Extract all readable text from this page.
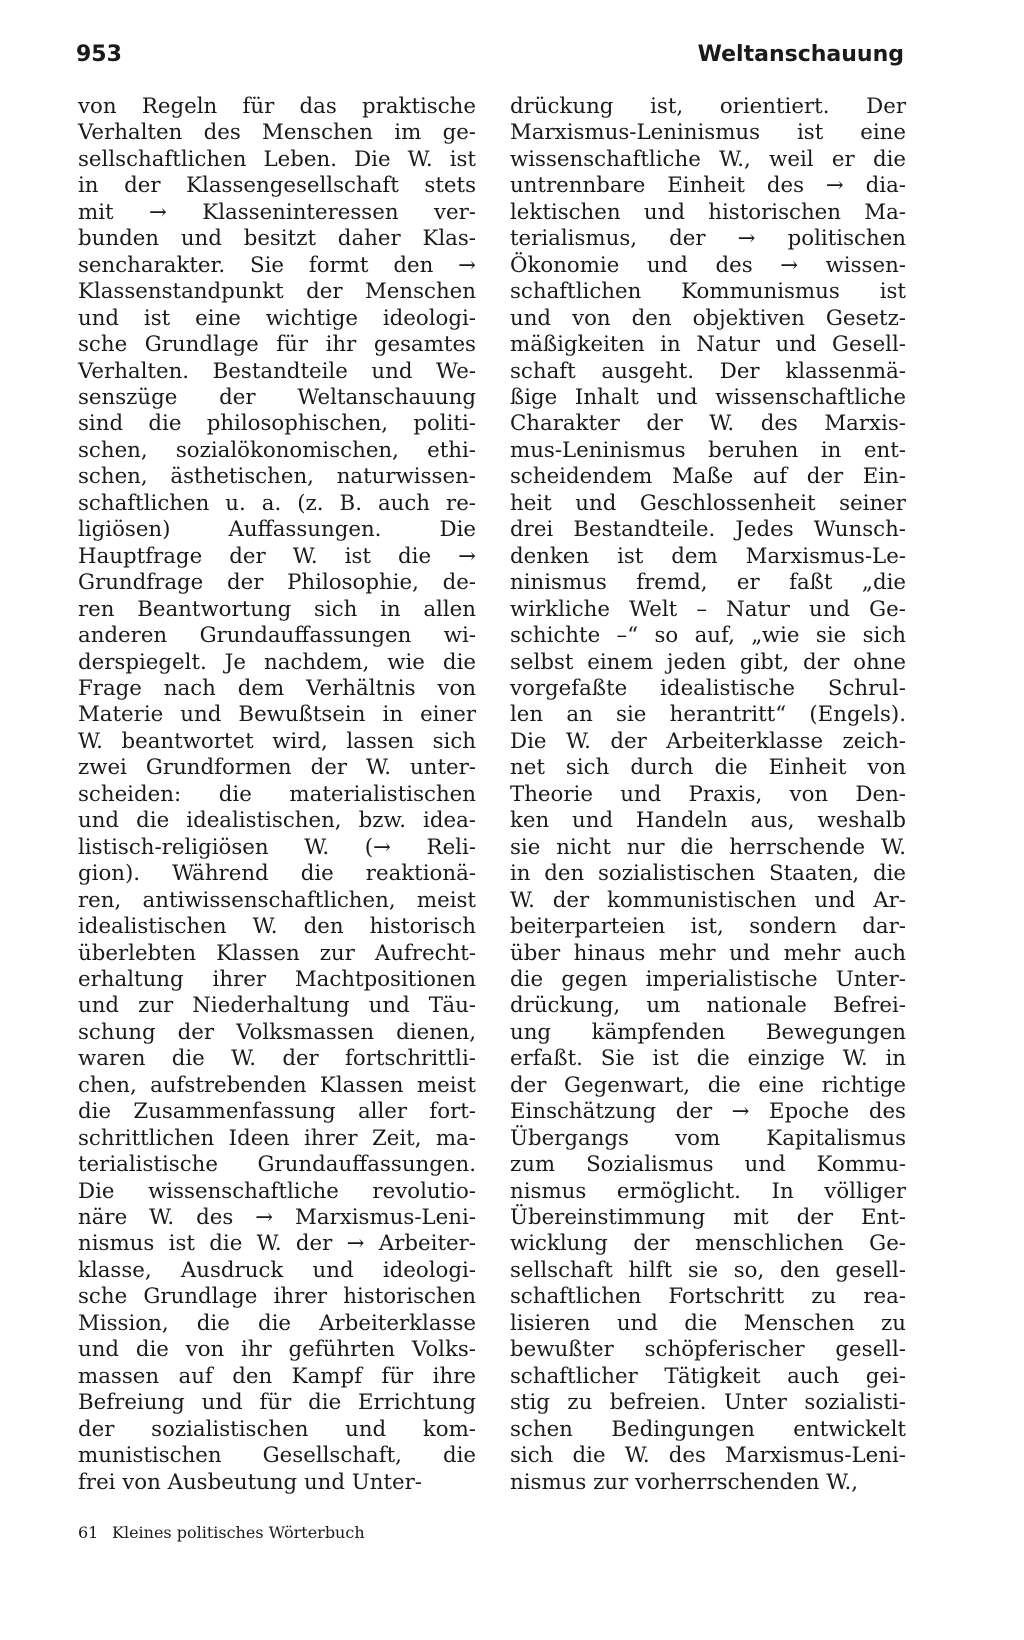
953	Weltanschauung
von Regeln für das praktische
Verhalten des Menschen im ge-
sellschaftlichen Leben. Die W. ist
in der Klassengesellschaft stets
mit → Klasseninteressen ver-
bunden und besitzt daher Klas-
sencharakter. Sie formt den →
Klassenstandpunkt der Menschen
und ist eine wichtige ideologi-
sche Grundlage für ihr gesamtes
Verhalten. Bestandteile und We-
senszüge der Weltanschauung
sind die philosophischen, politi-
schen, sozialökonomischen, ethi-
schen, ästhetischen, naturwissen-
schaftlichen u. a. (z. B. auch re-
ligiösen) Auffassungen. Die
Hauptfrage der W. ist die →
Grundfrage der Philosophie, de-
ren Beantwortung sich in allen
anderen Grundauffassungen wi-
derspiegelt. Je nachdem, wie die
Frage nach dem Verhältnis von
Materie und Bewußtsein in einer
W. beantwortet wird, lassen sich
zwei Grundformen der W. unter-
scheiden: die materialistischen
und die idealistischen, bzw. idea-
listisch-religiösen W. (→ Reli-
gion). Während die reaktionä-
ren, antiwissenschaftlichen, meist
idealistischen W. den historisch
überlebten Klassen zur Aufrecht-
erhaltung ihrer Machtpositionen
und zur Niederhaltung und Täu-
schung der Volksmassen dienen,
waren die W. der fortschrittli-
chen, aufstrebenden Klassen meist
die Zusammenfassung aller fort-
schrittlichen Ideen ihrer Zeit, ma-
terialistische Grundauffassungen.
Die wissenschaftliche revolutio-
näre W. des → Marxismus-Leni-
nismus ist die W. der → Arbeiter-
klasse, Ausdruck und ideologi-
sche Grundlage ihrer historischen
Mission, die die Arbeiterklasse
und die von ihr geführten Volks-
massen auf den Kampf für ihre
Befreiung und für die Errichtung
der sozialistischen und kom-
munistischen Gesellschaft, die
frei von Ausbeutung und Unter-
drückung ist, orientiert. Der
Marxismus-Leninismus ist eine
wissenschaftliche W., weil er die
untrennbare Einheit des → dia-
lektischen und historischen Ma-
terialismus, der → politischen
Ökonomie und des → wissen-
schaftlichen Kommunismus ist
und von den objektiven Gesetz-
mäßigkeiten in Natur und Gesell-
schaft ausgeht. Der klassenmä-
ßige Inhalt und wissenschaftliche
Charakter der W. des Marxis-
mus-Leninismus beruhen in ent-
scheidendem Maße auf der Ein-
heit und Geschlossenheit seiner
drei Bestandteile. Jedes Wunsch-
denken ist dem Marxismus-Le-
ninismus fremd, er faßt „die
wirkliche Welt – Natur und Ge-
schichte –“ so auf, „wie sie sich
selbst einem jeden gibt, der ohne
vorgefaßte idealistische Schrul-
len an sie herantritt“ (Engels).
Die W. der Arbeiterklasse zeich-
net sich durch die Einheit von
Theorie und Praxis, von Den-
ken und Handeln aus, weshalb
sie nicht nur die herrschende W.
in den sozialistischen Staaten, die
W. der kommunistischen und Ar-
beiterparteien ist, sondern dar-
über hinaus mehr und mehr auch
die gegen imperialistische Unter-
drückung, um nationale Befrei-
ung kämpfenden Bewegungen
erfaßt. Sie ist die einzige W. in
der Gegenwart, die eine richtige
Einschätzung der → Epoche des
Übergangs vom Kapitalismus
zum Sozialismus und Kommu-
nismus ermöglicht. In völliger
Übereinstimmung mit der Ent-
wicklung der menschlichen Ge-
sellschaft hilft sie so, den gesell-
schaftlichen Fortschritt zu rea-
lisieren und die Menschen zu
bewußter schöpferischer gesell-
schaftlicher Tätigkeit auch gei-
stig zu befreien. Unter sozialisti-
schen Bedingungen entwickelt
sich die W. des Marxismus-Leni-
nismus zur vorherrschenden W.,
61 Kleines politisches Wörterbuch
